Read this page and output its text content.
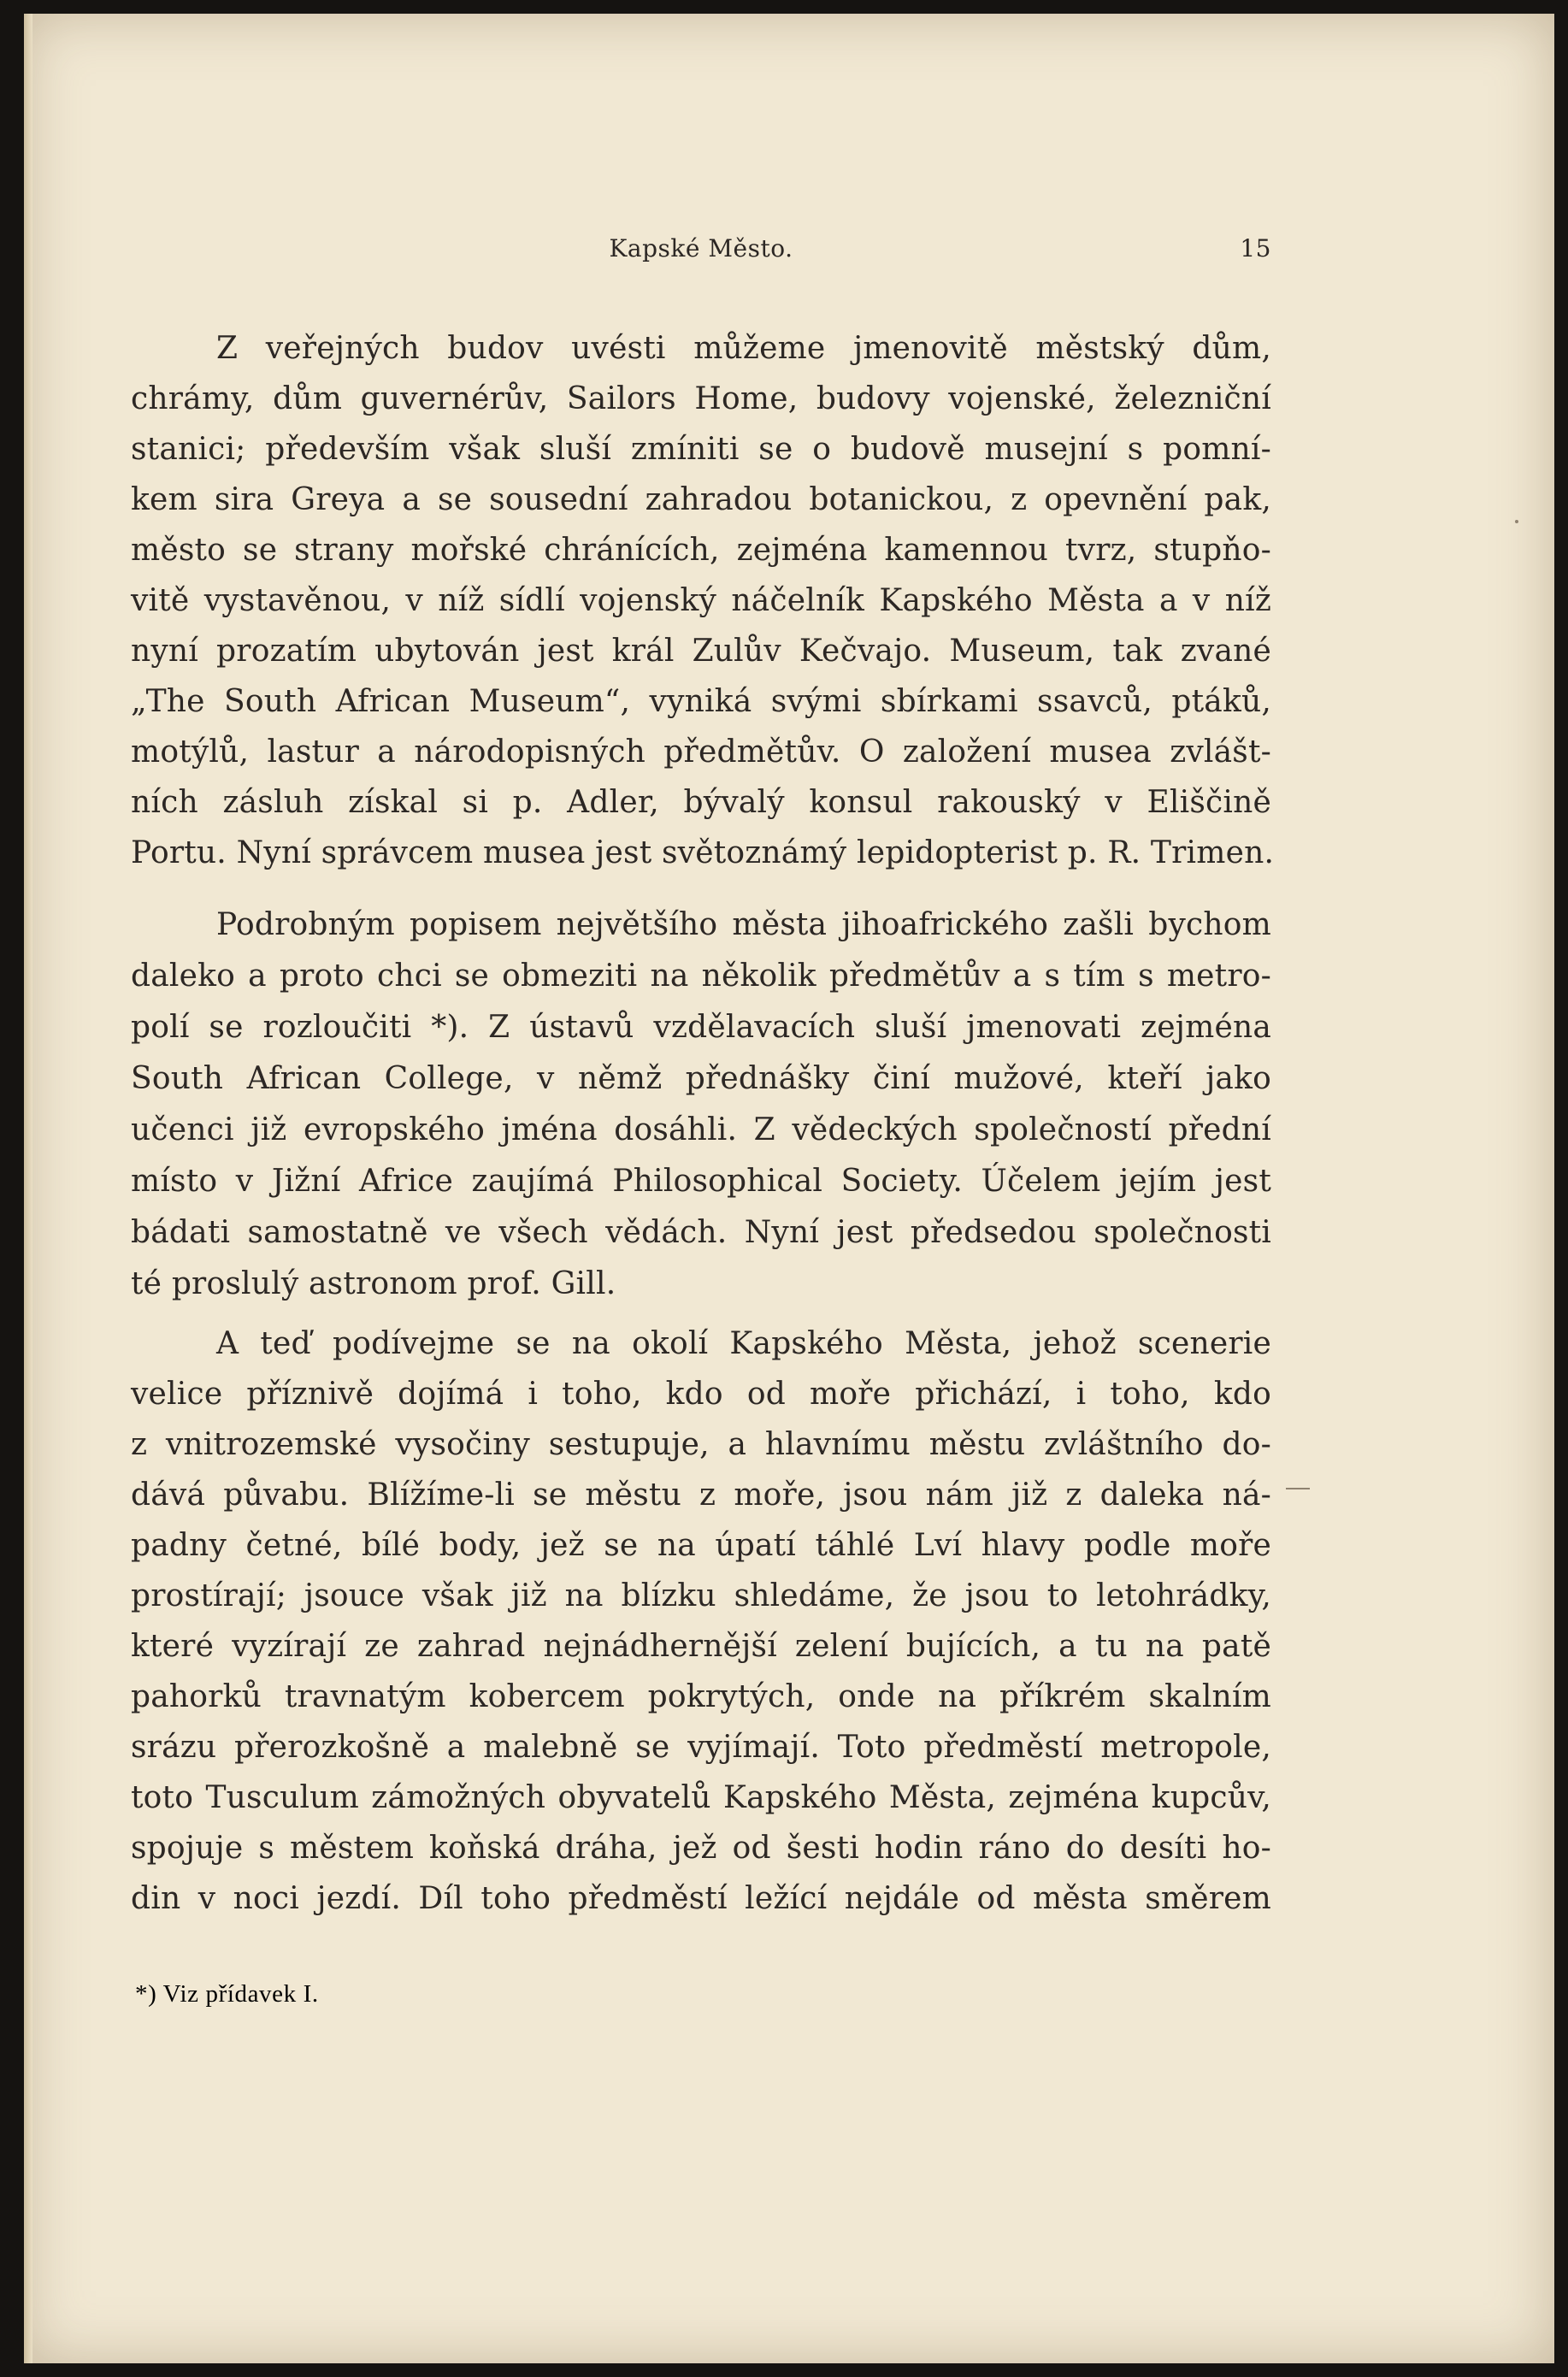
Kapské Město.	15
Z veřejných budov uvésti můžeme jmenovitě městský dům,
chrámy, dům guvernérův, Sailors Home, budovy vojenské, železniční
stanici; především však sluší zmíniti se o budově musejní s pomní-
kem sira Greya a se sousední zahradou botanickou, z opevnění pak,
město se strany mořské chránících, zejména kamennou tvrz, stupňo-
vitě vystavěnou, v níž sídlí vojenský náčelník Kapského Města a v níž
nyní prozatím ubytován jest král Zulův Kečvajo. Museum, tak zvané
„The South African Museum“, vyniká svými sbírkami ssavců, ptáků,
motýlů, lastur a národopisných předmětův. O založení musea zvlášt-
ních zásluh získal si p. Adler, bývalý konsul rakouský v Eliščině
Portu. Nyní správcem musea jest světoznámý lepidopterist p. R. Trimen.
Podrobným popisem největšího města jihoafrického zašli bychom
daleko a proto chci se obmeziti na několik předmětův a s tím s metro-
polí se rozloučiti *). Z ústavů vzdělavacích sluší jmenovati zejména
South African College, v němž přednášky činí mužové, kteří jako
učenci již evropského jména dosáhli. Z vědeckých společností přední
místo v Jižní Africe zaujímá Philosophical Society. Účelem jejím jest
bádati samostatně ve všech vědách. Nyní jest předsedou společnosti
té proslulý astronom prof. Gill.
A teď podívejme se na okolí Kapského Města, jehož scenerie
velice příznivě dojímá i toho, kdo od moře přichází, i toho, kdo
z vnitrozemské vysočiny sestupuje, a hlavnímu městu zvláštního do-
dává půvabu. Blížíme-li se městu z moře, jsou nám již z daleka ná-
padny četné, bílé body, jež se na úpatí táhlé Lví hlavy podle moře
prostírají; jsouce však již na blízku shledáme, že jsou to letohrádky,
které vyzírají ze zahrad nejnádhernější zelení bujících, a tu na patě
pahorků travnatým kobercem pokrytých, onde na příkrém skalním
srázu přerozkošně a malebně se vyjímají. Toto předměstí metropole,
toto Tusculum zámožných obyvatelů Kapského Města, zejména kupcův,
spojuje s městem koňská dráha, jež od šesti hodin ráno do desíti ho-
din v noci jezdí. Díl toho předměstí ležící nejdále od města směrem
*) Viz přídavek I.
